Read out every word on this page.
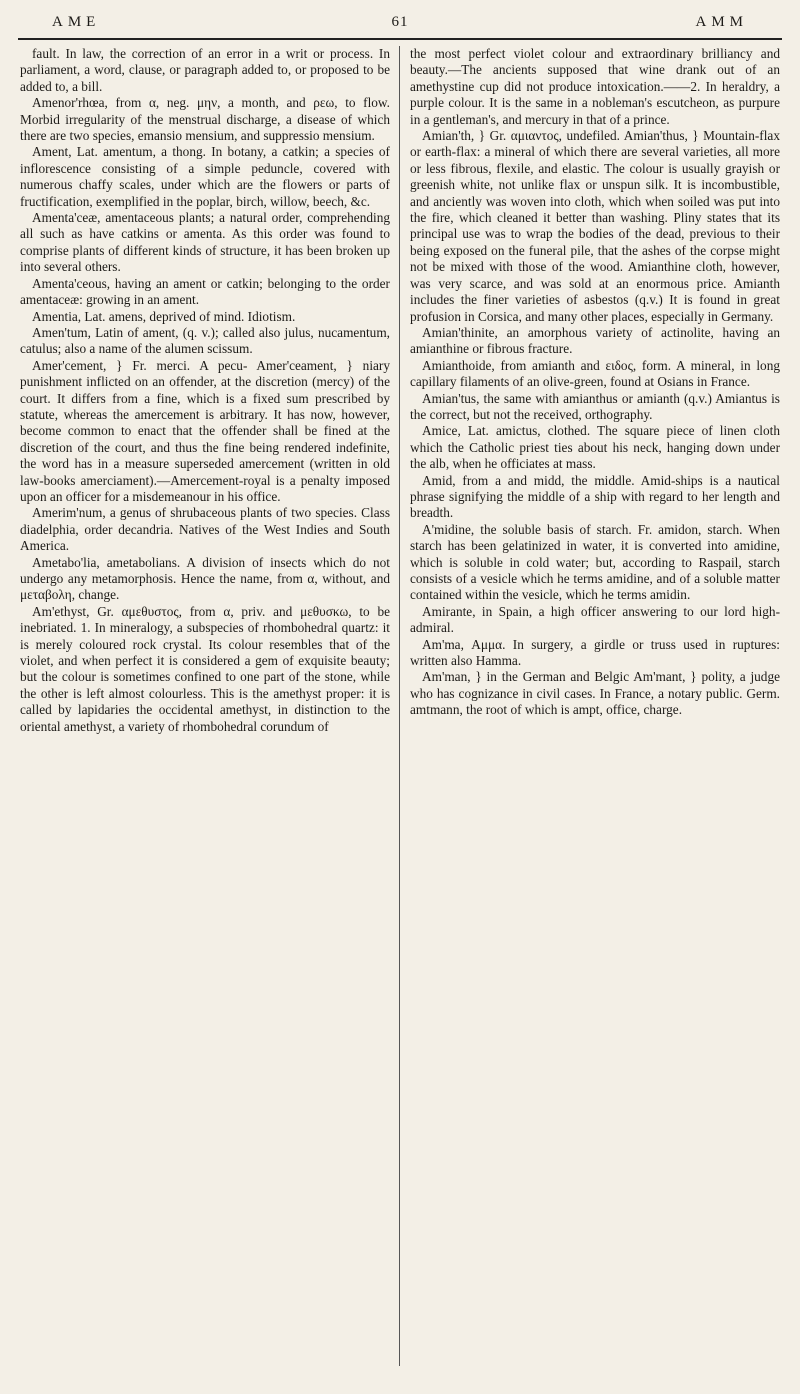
AME	61	AMM

fault. In law, the correction of an error in a writ or process. In parliament, a word, clause, or paragraph added to, or proposed to be added to, a bill.

Amenor'rhœa, from α, neg. μην, a month, and ρεω, to flow. Morbid irregularity of the menstrual discharge, a disease of which there are two species, emansio mensium, and suppressio mensium.

Ament, Lat. amentum, a thong. In botany, a catkin; a species of inflorescence consisting of a simple peduncle, covered with numerous chaffy scales, under which are the flowers or parts of fructification, exemplified in the poplar, birch, willow, beech, &c.

Amenta'ceæ, amentaceous plants; a natural order, comprehending all such as have catkins or amenta. As this order was found to comprise plants of different kinds of structure, it has been broken up into several others.

Amenta'ceous, having an ament or catkin; belonging to the order amentaceæ: growing in an ament.

Amentia, Lat. amens, deprived of mind. Idiotism.

Amen'tum, Latin of ament, (q. v.); called also julus, nucamentum, catulus; also a name of the alumen scissum.

Amer'cement, } Fr. merci. A pecu- Amer'ceament, } niary punishment inflicted on an offender, at the discretion (mercy) of the court. It differs from a fine, which is a fixed sum prescribed by statute, whereas the amercement is arbitrary. It has now, however, become common to enact that the offender shall be fined at the discretion of the court, and thus the fine being rendered indefinite, the word has in a measure superseded amercement (written in old law-books amerciament).—Amercement-royal is a penalty imposed upon an officer for a misdemeanour in his office.

Amerim'num, a genus of shrubaceous plants of two species. Class diadelphia, order decandria. Natives of the West Indies and South America.

Ametabo'lia, ametabolians. A division of insects which do not undergo any metamorphosis. Hence the name, from α, without, and μεταβολη, change.

Am'ethyst, Gr. αμεθυστος, from α, priv. and μεθυσκω, to be inebriated. 1. In mineralogy, a subspecies of rhombohedral quartz: it is merely coloured rock crystal. Its colour resembles that of the violet, and when perfect it is considered a gem of exquisite beauty; but the colour is sometimes confined to one part of the stone, while the other is left almost colourless. This is the amethyst proper: it is called by lapidaries the occidental amethyst, in distinction to the oriental amethyst, a variety of rhombohedral corundum of

the most perfect violet colour and extraordinary brilliancy and beauty.—The ancients supposed that wine drank out of an amethystine cup did not produce intoxication.——2. In heraldry, a purple colour. It is the same in a nobleman's escutcheon, as purpure in a gentleman's, and mercury in that of a prince.

Amian'th, } Gr. αμιαντος, undefiled. Amian'thus, } Mountain-flax or earth-flax: a mineral of which there are several varieties, all more or less fibrous, flexile, and elastic. The colour is usually grayish or greenish white, not unlike flax or unspun silk. It is incombustible, and anciently was woven into cloth, which when soiled was put into the fire, which cleaned it better than washing. Pliny states that its principal use was to wrap the bodies of the dead, previous to their being exposed on the funeral pile, that the ashes of the corpse might not be mixed with those of the wood. Amianthine cloth, however, was very scarce, and was sold at an enormous price. Amianth includes the finer varieties of asbestos (q.v.) It is found in great profusion in Corsica, and many other places, especially in Germany.

Amian'thinite, an amorphous variety of actinolite, having an amianthine or fibrous fracture.

Amianthoide, from amianth and ειδος, form. A mineral, in long capillary filaments of an olive-green, found at Osians in France.

Amian'tus, the same with amianthus or amianth (q.v.) Amiantus is the correct, but not the received, orthography.

Amice, Lat. amictus, clothed. The square piece of linen cloth which the Catholic priest ties about his neck, hanging down under the alb, when he officiates at mass.

Amid, from a and midd, the middle. Amid-ships is a nautical phrase signifying the middle of a ship with regard to her length and breadth.

A'midine, the soluble basis of starch. Fr. amidon, starch. When starch has been gelatinized in water, it is converted into amidine, which is soluble in cold water; but, according to Raspail, starch consists of a vesicle which he terms amidine, and of a soluble matter contained within the vesicle, which he terms amidin.

Amirante, in Spain, a high officer answering to our lord high-admiral.

Am'ma, Αμμα. In surgery, a girdle or truss used in ruptures: written also Hamma.

Am'man, } in the German and Belgic Am'mant, } polity, a judge who has cognizance in civil cases. In France, a notary public. Germ. amtmann, the root of which is ampt, office, charge.
